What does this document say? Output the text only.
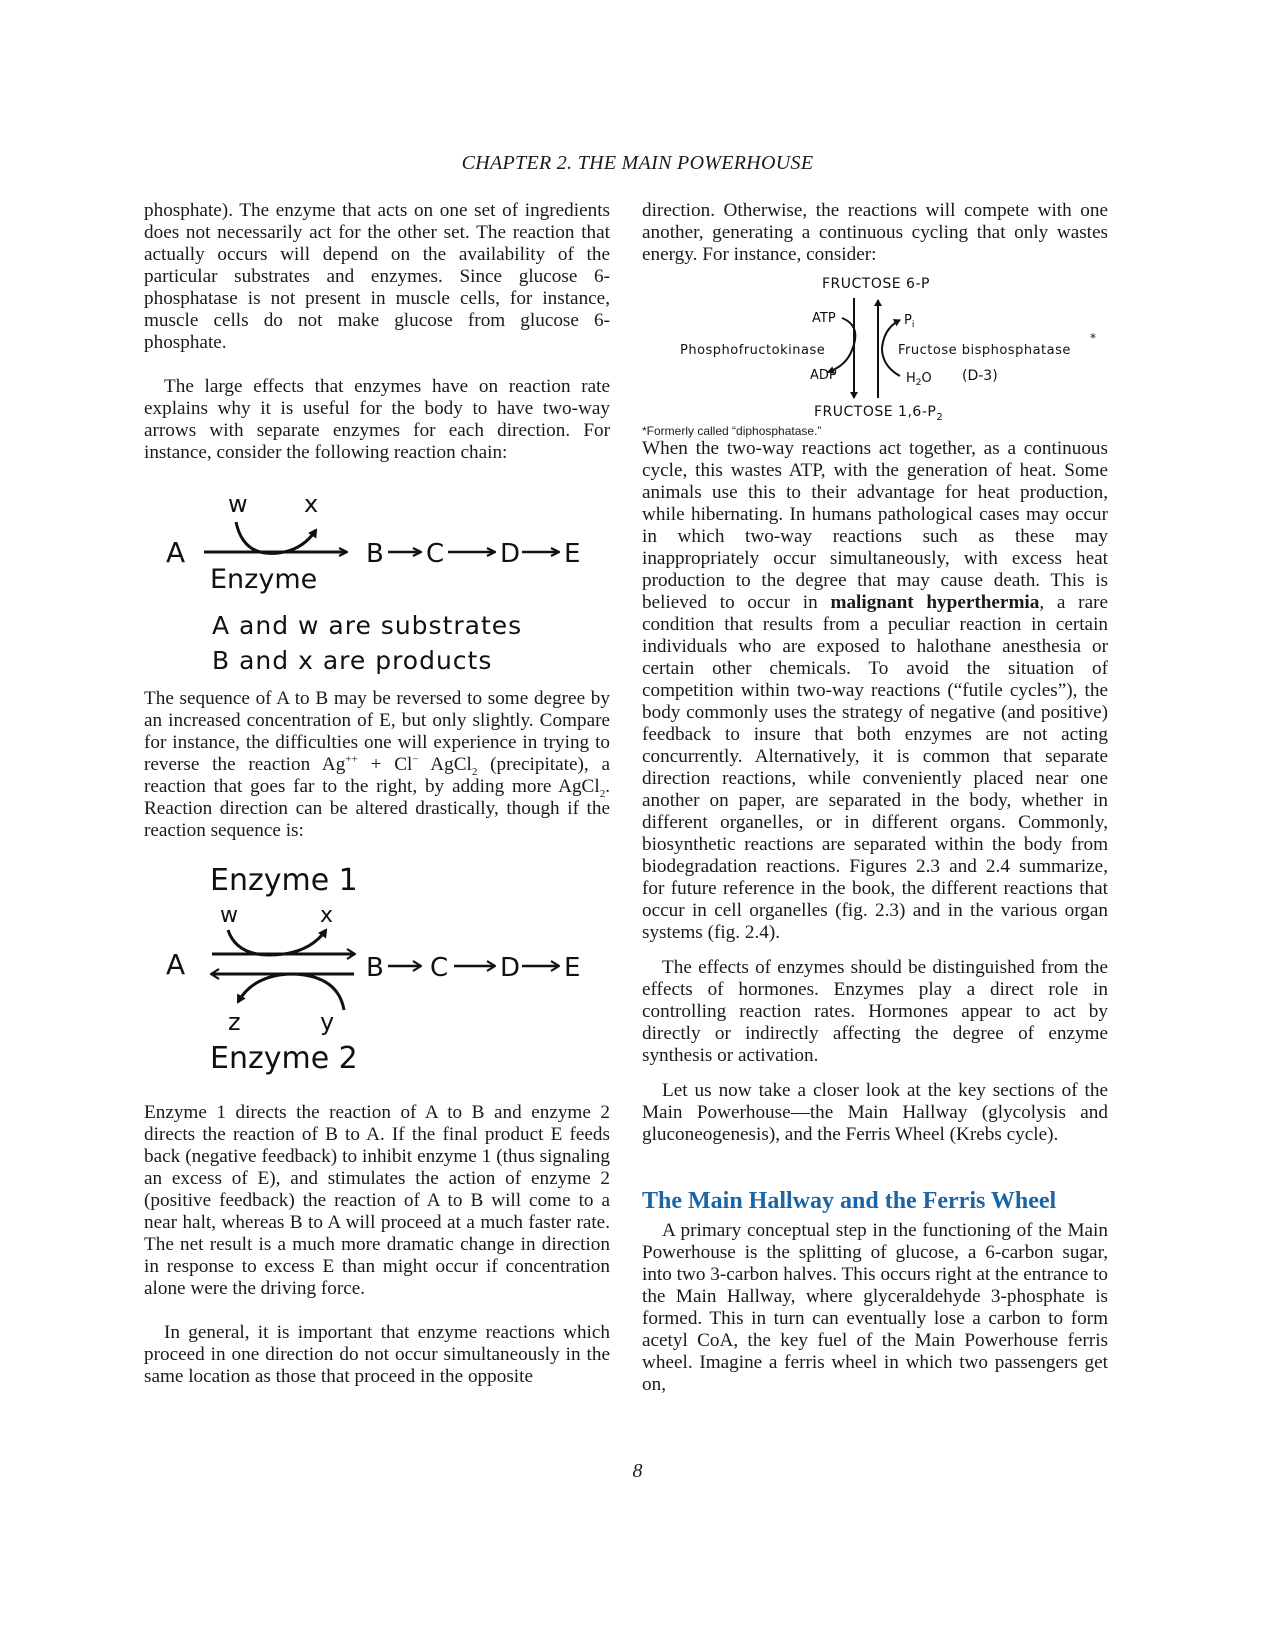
CHAPTER 2. THE MAIN POWERHOUSE

phosphate). The enzyme that acts on one set of ingredients does not necessarily act for the other set. The reaction that actually occurs will depend on the availability of the particular substrates and enzymes. Since glucose 6-phosphatase is not present in muscle cells, for instance, muscle cells do not make glucose from glucose 6-phosphate.

The large effects that enzymes have on reaction rate explains why it is useful for the body to have two-way arrows with separate enzymes for each direction. For instance, consider the following reaction chain:

w x
A	B C D E
Enzyme
A and w are substrates
B and x are products

The sequence of A to B may be reversed to some degree by an increased concentration of E, but only slightly. Compare for instance, the difficulties one will experience in trying to reverse the reaction Ag++ + Cl− AgCl$_2$ (precipitate), a reaction that goes far to the right, by adding more AgCl$_2$. Reaction direction can be altered drastically, though if the reaction sequence is:

Enzyme 1
w	x
A	B C D E
z	y
Enzyme 2

Enzyme 1 directs the reaction of A to B and enzyme 2 directs the reaction of B to A. If the final product E feeds back (negative feedback) to inhibit enzyme 1 (thus signaling an excess of E), and stimulates the action of enzyme 2 (positive feedback) the reaction of A to B will come to a near halt, whereas B to A will proceed at a much faster rate. The net result is a much more dramatic change in direction in response to excess E than might occur if concentration alone were the driving force.

In general, it is important that enzyme reactions which proceed in one direction do not occur simultaneously in the same location as those that proceed in the opposite

direction. Otherwise, the reactions will compete with one another, generating a continuous cycling that only wastes energy. For instance, consider:

FRUCTOSE 6-P
ATP
ADP
Phosphofructokinase
$P_i$
$H_2O$
Fructose bisphosphatase
*
(D-3)
FRUCTOSE $1,6-P_2$

*Formerly called “diphosphatase.”

When the two-way reactions act together, as a continuous cycle, this wastes ATP, with the generation of heat. Some animals use this to their advantage for heat production, while hibernating. In humans pathological cases may occur in which two-way reactions such as these may inappropriately occur simultaneously, with excess heat production to the degree that may cause death. This is believed to occur in malignant hyperthermia, a rare condition that results from a peculiar reaction in certain individuals who are exposed to halothane anesthesia or certain other chemicals. To avoid the situation of competition within two-way reactions (“futile cycles”), the body commonly uses the strategy of negative (and positive) feedback to insure that both enzymes are not acting concurrently. Alternatively, it is common that separate direction reactions, while conveniently placed near one another on paper, are separated in the body, whether in different organelles, or in different organs. Commonly, biosynthetic reactions are separated within the body from biodegradation reactions. Figures 2.3 and 2.4 summarize, for future reference in the book, the different reactions that occur in cell organelles (fig. 2.3) and in the various organ systems (fig. 2.4).

The effects of enzymes should be distinguished from the effects of hormones. Enzymes play a direct role in controlling reaction rates. Hormones appear to act by directly or indirectly affecting the degree of enzyme synthesis or activation.

Let us now take a closer look at the key sections of the Main Powerhouse—the Main Hallway (glycolysis and gluconeogenesis), and the Ferris Wheel (Krebs cycle).

The Main Hallway and the Ferris Wheel

A primary conceptual step in the functioning of the Main Powerhouse is the splitting of glucose, a 6-carbon sugar, into two 3-carbon halves. This occurs right at the entrance to the Main Hallway, where glyceraldehyde 3-phosphate is formed. This in turn can eventually lose a carbon to form acetyl CoA, the key fuel of the Main Powerhouse ferris wheel. Imagine a ferris wheel in which two passengers get on,

8
